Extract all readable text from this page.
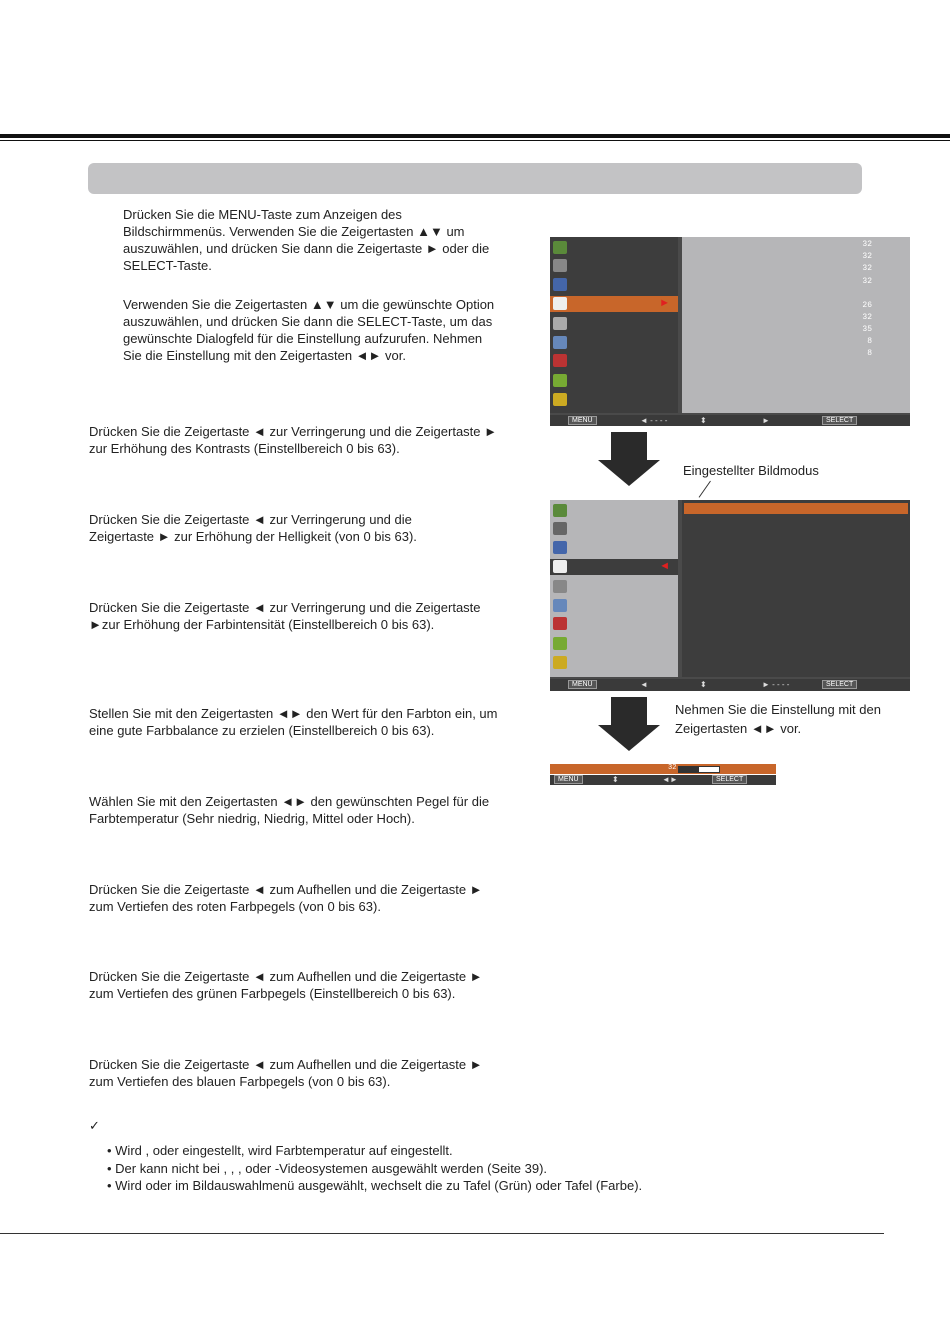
Drücken Sie die MENU-Taste zum Anzeigen des Bildschirmmenüs. Verwenden Sie die Zeigertasten ▲▼ um auszuwählen, und drücken Sie dann die Zeigertaste ► oder die SELECT-Taste.

Verwenden Sie die Zeigertasten ▲▼ um die gewünschte Option auszuwählen, und drücken Sie dann die SELECT-Taste, um das gewünschte Dialogfeld für die Einstellung aufzurufen. Nehmen Sie die Einstellung mit den Zeigertasten ◄► vor.

Drücken Sie die Zeigertaste ◄ zur Verringerung und die Zeigertaste ► zur Erhöhung des Kontrasts (Einstellbereich 0 bis 63).

Drücken Sie die Zeigertaste ◄ zur Verringerung und die Zeigertaste ► zur Erhöhung der Helligkeit (von 0 bis 63).

Drücken Sie die Zeigertaste ◄ zur Verringerung und die Zeigertaste ►zur Erhöhung der Farbintensität (Einstellbereich 0 bis 63).

Stellen Sie mit den Zeigertasten ◄► den Wert für den Farbton ein, um eine gute Farbbalance zu erzielen (Einstellbereich 0 bis 63).

Wählen Sie mit den Zeigertasten ◄► den gewünschten Pegel für die Farbtemperatur (Sehr niedrig, Niedrig, Mittel oder Hoch).

Drücken Sie die Zeigertaste ◄ zum Aufhellen und die Zeigertaste ► zum Vertiefen des roten Farbpegels (von 0 bis 63).

Drücken Sie die Zeigertaste ◄ zum Aufhellen und die Zeigertaste ► zum Vertiefen des grünen Farbpegels (Einstellbereich 0 bis 63).

Drücken Sie die Zeigertaste ◄ zum Aufhellen und die Zeigertaste ► zum Vertiefen des blauen Farbpegels (von 0 bis 63).

►
32
32
32
32
26
32
35
8
8
MENU	◄ - - - -	⬍	►	SELECT
Eingestellter Bildmodus
◄
MENU	◄	⬍	► - - - -	SELECT

Nehmen Sie die Einstellung mit den Zeigertasten ◄► vor.

32
MENU	⬍	◄►	SELECT
✓
• Wird , oder eingestellt, wird Farbtemperatur auf eingestellt.
• Der kann nicht bei , , , oder -Videosystemen ausgewählt werden (Seite 39).
• Wird oder im Bildauswahlmenü ausgewählt, wechselt die zu Tafel (Grün) oder Tafel (Farbe).
